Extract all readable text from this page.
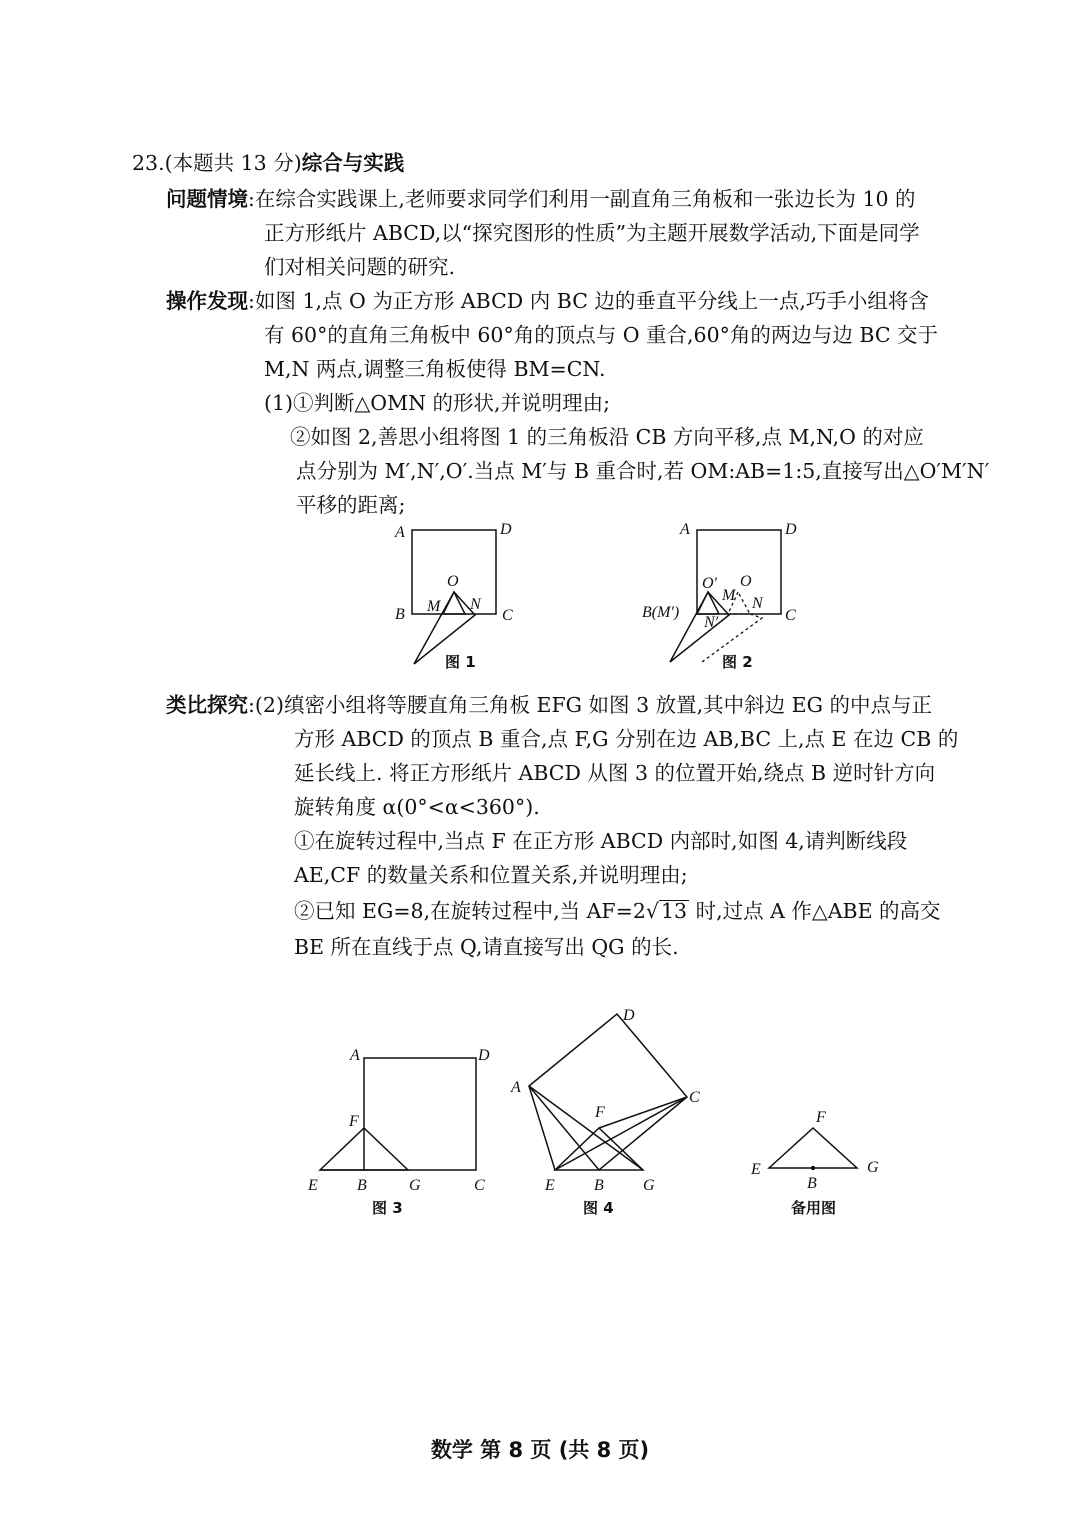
23.(本题共 13 分)综合与实践
问题情境:在综合实践课上,老师要求同学们利用一副直角三角板和一张边长为 10 的
正方形纸片 ABCD,以“探究图形的性质”为主题开展数学活动,下面是同学
们对相关问题的研究.
操作发现:如图 1,点 O 为正方形 ABCD 内 BC 边的垂直平分线上一点,巧手小组将含
有 60°的直角三角板中 60°角的顶点与 O 重合,60°角的两边与边 BC 交于
M,N 两点,调整三角板使得 BM=CN.
(1)①判断△OMN 的形状,并说明理由;
②如图 2,善思小组将图 1 的三角板沿 CB 方向平移,点 M,N,O 的对应
点分别为 M′,N′,O′.当点 M′与 B 重合时,若 OM:AB=1:5,直接写出△O′M′N′
平移的距离;
A	D
O
B M N
C
图 1
A	D
O′ O
B(M′)
M N
N′	C
图 2
类比探究:(2)缜密小组将等腰直角三角板 EFG 如图 3 放置,其中斜边 EG 的中点与正
方形 ABCD 的顶点 B 重合,点 F,G 分别在边 AB,BC 上,点 E 在边 CB 的
延长线上. 将正方形纸片 ABCD 从图 3 的位置开始,绕点 B 逆时针方向
旋转角度 α(0°<α<360°).
①在旋转过程中,当点 F 在正方形 ABCD 内部时,如图 4,请判断线段
AE,CF 的数量关系和位置关系,并说明理由;
②已知 EG=8,在旋转过程中,当 AF=2√13 时,过点 A 作△ABE 的高交
BE 所在直线于点 Q,请直接写出 QG 的长.
A	D
F
E B	G	C
图 3
D
A
C
F
E B G
图 4
F
E	G
B
备用图
数学 第 8 页 (共 8 页)
